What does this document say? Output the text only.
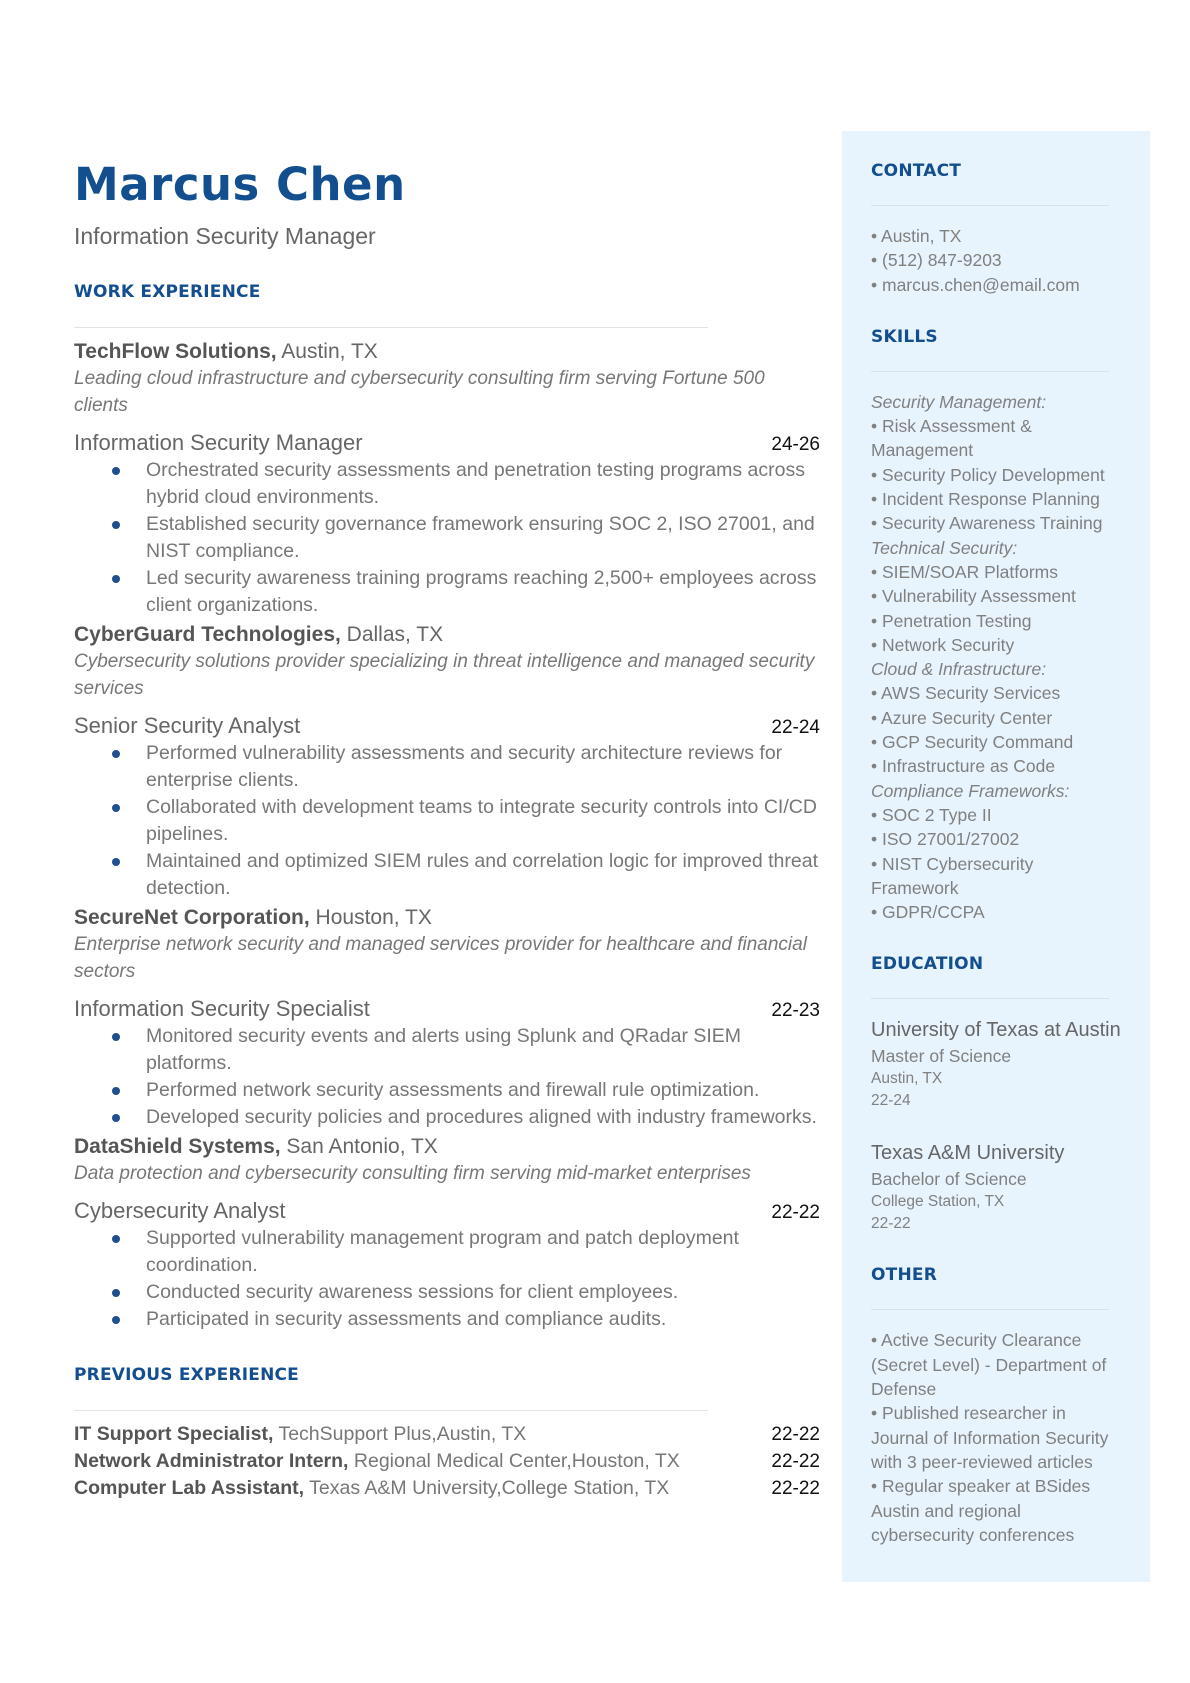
Marcus Chen
Information Security Manager
WORK EXPERIENCE
TechFlow Solutions, Austin, TX
Leading cloud infrastructure and cybersecurity consulting firm serving Fortune 500 clients
Information Security Manager	24-26
Orchestrated security assessments and penetration testing programs across hybrid cloud environments.
Established security governance framework ensuring SOC 2, ISO 27001, and NIST compliance.
Led security awareness training programs reaching 2,500+ employees across client organizations.
CyberGuard Technologies, Dallas, TX
Cybersecurity solutions provider specializing in threat intelligence and managed security services
Senior Security Analyst	22-24
Performed vulnerability assessments and security architecture reviews for enterprise clients.
Collaborated with development teams to integrate security controls into CI/CD pipelines.
Maintained and optimized SIEM rules and correlation logic for improved threat detection.
SecureNet Corporation, Houston, TX
Enterprise network security and managed services provider for healthcare and financial sectors
Information Security Specialist	22-23
Monitored security events and alerts using Splunk and QRadar SIEM platforms.
Performed network security assessments and firewall rule optimization.
Developed security policies and procedures aligned with industry frameworks.
DataShield Systems, San Antonio, TX
Data protection and cybersecurity consulting firm serving mid-market enterprises
Cybersecurity Analyst	22-22
Supported vulnerability management program and patch deployment coordination.
Conducted security awareness sessions for client employees.
Participated in security assessments and compliance audits.
PREVIOUS EXPERIENCE
IT Support Specialist, TechSupport Plus,Austin, TX	22-22
Network Administrator Intern, Regional Medical Center,Houston, TX	22-22
Computer Lab Assistant, Texas A&M University,College Station, TX	22-22
CONTACT
• Austin, TX
• (512) 847-9203
• marcus.chen@email.com
SKILLS
Security Management:
• Risk Assessment & Management
• Security Policy Development
• Incident Response Planning
• Security Awareness Training
Technical Security:
• SIEM/SOAR Platforms
• Vulnerability Assessment
• Penetration Testing
• Network Security
Cloud & Infrastructure:
• AWS Security Services
• Azure Security Center
• GCP Security Command
• Infrastructure as Code
Compliance Frameworks:
• SOC 2 Type II
• ISO 27001/27002
• NIST Cybersecurity Framework
• GDPR/CCPA
EDUCATION
University of Texas at Austin
Master of Science
Austin, TX
22-24
Texas A&M University
Bachelor of Science
College Station, TX
22-22
OTHER
• Active Security Clearance (Secret Level) - Department of Defense
• Published researcher in Journal of Information Security with 3 peer-reviewed articles
• Regular speaker at BSides Austin and regional cybersecurity conferences
